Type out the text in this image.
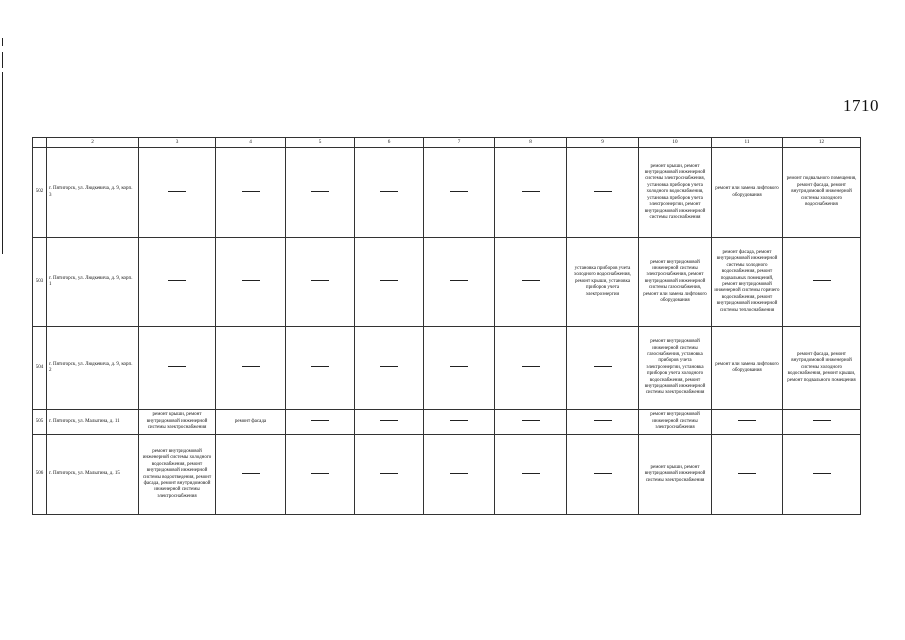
1710
	2	3	4	5	6	7	8	9	10	11	12
502	г. Пятигорск, ул. Людкевича, д. 9, корп. 3								ремонт крыши, ремонт внутридомовой инженерной системы электроснабжения, установка приборов учета холодного водоснабжения, установка приборов учета электроэнергии, ремонт внутридомовой инженерной системы газоснабжения	ремонт или замена лифтового оборудования	ремонт подвального помещения, ремонт фасада, ремонт внутридомовой инженерной системы холодного водоснабжения
503	г. Пятигорск, ул. Людкевича, д. 9, корп. 1							установка приборов учета холодного водоснабжения, ремонт крыши, установка приборов учета электроэнергии	ремонт внутридомовой инженерной системы электроснабжения, ремонт внутридомовой инженерной системы газоснабжения, ремонт или замена лифтового оборудования	ремонт фасада, ремонт внутридомовой инженерной системы холодного водоснабжения, ремонт подвальных помещений, ремонт внутридомовой инженерной системы горячего водоснабжения, ремонт внутридомовой инженерной системы теплоснабжения	
504	г. Пятигорск, ул. Людкевича, д. 9, корп. 2								ремонт внутридомовой инженерной системы газоснабжения, установка приборов учета электроэнергии, установка приборов учета холодного водоснабжения, ремонт внутридомовой инженерной системы электроснабжения	ремонт или замена лифтового оборудования	ремонт фасада, ремонт внутридомовой инженерной системы холодного водоснабжения, ремонт крыши, ремонт подвального помещения
505	г. Пятигорск, ул. Малыгина, д. 11	ремонт крыши, ремонт внутридомовой инженерной системы электроснабжения	ремонт фасада						ремонт внутридомовой инженерной системы электроснабжения		
506	г. Пятигорск, ул. Малыгина, д. 15	ремонт внутридомовой инженерной системы холодного водоснабжения, ремонт внутридомовой инженерной системы водоотведения, ремонт фасада, ремонт внутридомовой инженерной системы электроснабжения							ремонт крыши, ремонт внутридомовой инженерной системы электроснабжения		
